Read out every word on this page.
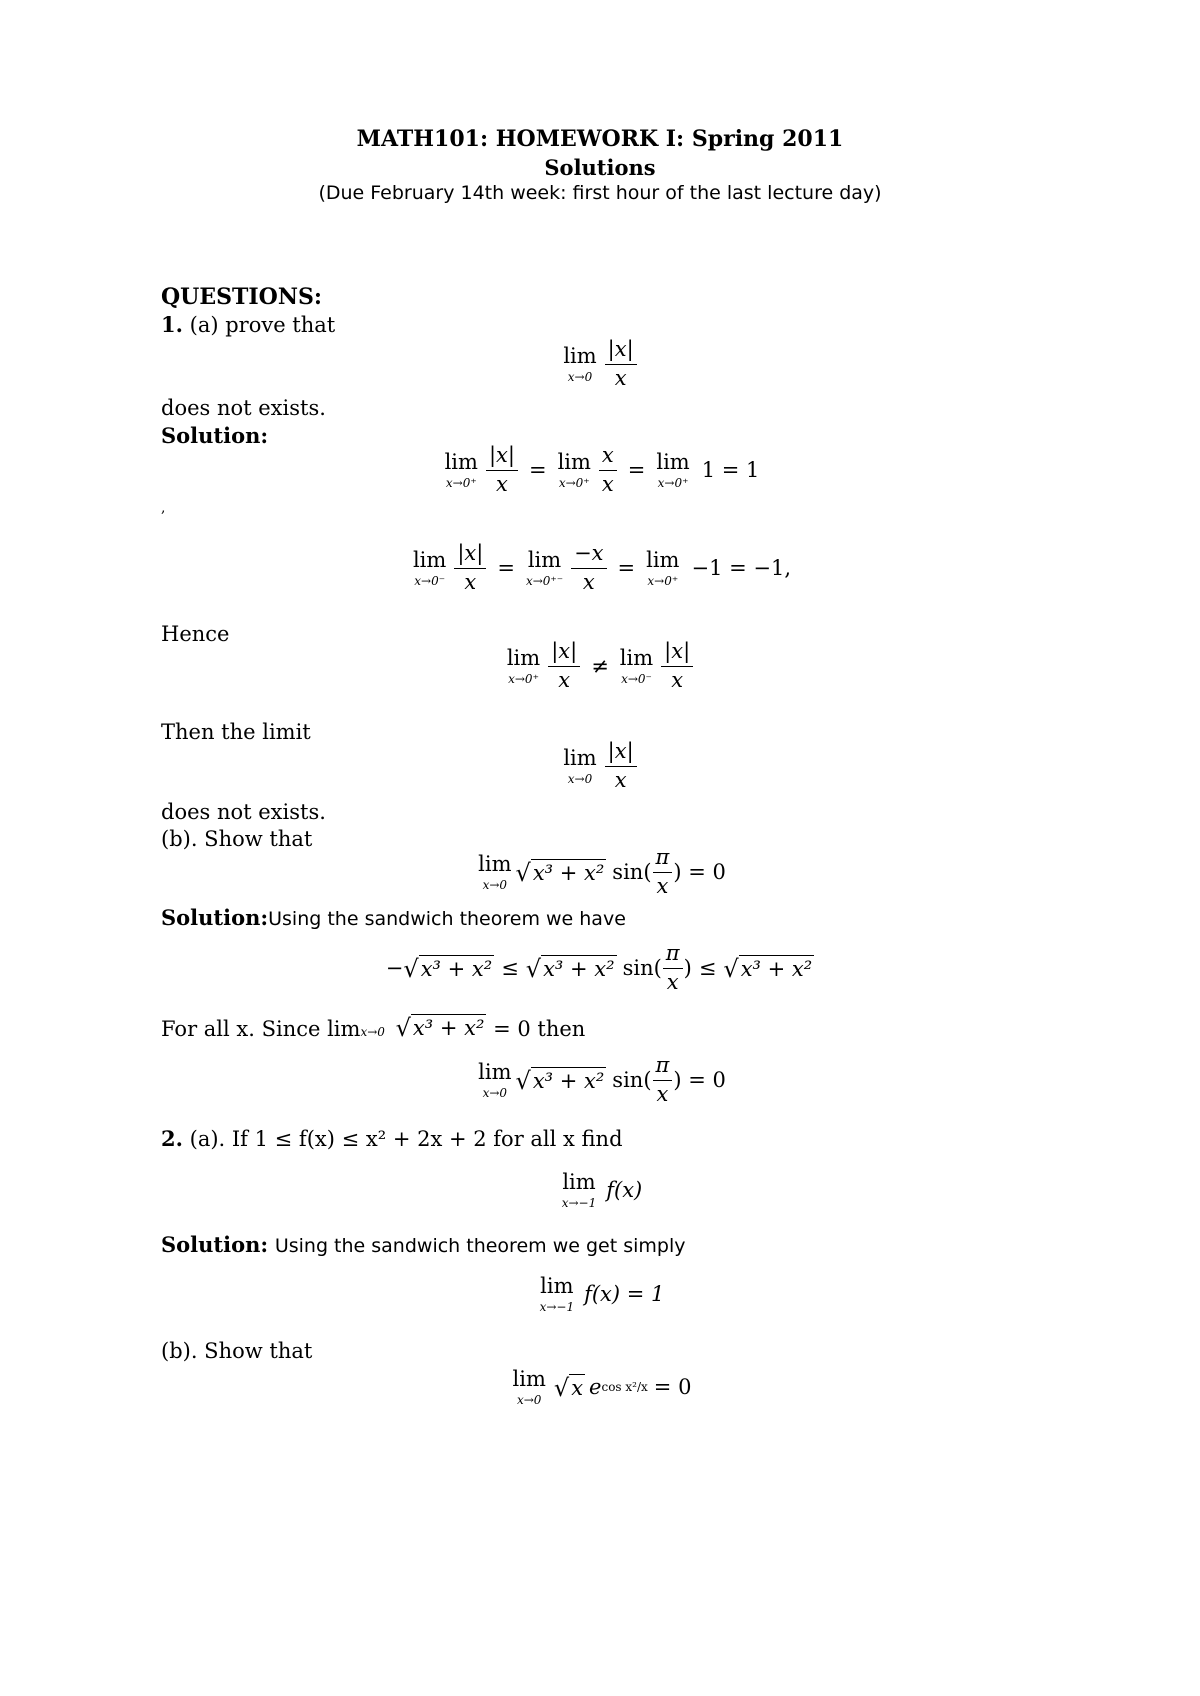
MATH101: HOMEWORK I: Spring 2011
Solutions
(Due February 14th week: first hour of the last lecture day)
QUESTIONS:
1. (a) prove that
lim
$x\to 0 \frac{|x|}{x}$
does not exists.
Solution:
lim
$x\to 0^+ \frac{|x|}{x} = \lim$
$x\to 0^+ \frac{x}{x} = \lim$
x→0⁺
1 = 1
,
lim
$x\to 0^- \frac{|x|}{x} = \lim$
$x\to 0^{+-} \frac{-x}{x} = \lim$
x→0⁺
−1 = −1,
Hence
lim
$x\to 0^+ \frac{|x|}{x} \ne \lim$
$x\to 0^- \frac{|x|}{x}$
Then the limit
lim
$x\to 0 \frac{|x|}{x}$
does not exists.
(b). Show that
lim
x→0 √ x³ + x² $\sin( \frac{\pi}{x}$ ) = 0
Solution:Using the sandwich theorem we have
− √ x³ + x² ≤ √ x³ + x² $\sin( \frac{\pi}{x}$ ) ≤ √ x³ + x²
For all x. Since limx→0 √ x³ + x² = 0 then
lim
x→0 √ x³ + x² $\sin( \frac{\pi}{x}$ ) = 0
2. (a). If 1 ≤ f(x) ≤ x² + 2x + 2 for all x find
lim
x→−1
f(x)
Solution: Using the sandwich theorem we get simply
lim
x→−1
f(x) = 1
(b). Show that
lim
x→0 √ x e cos x²/x = 0
